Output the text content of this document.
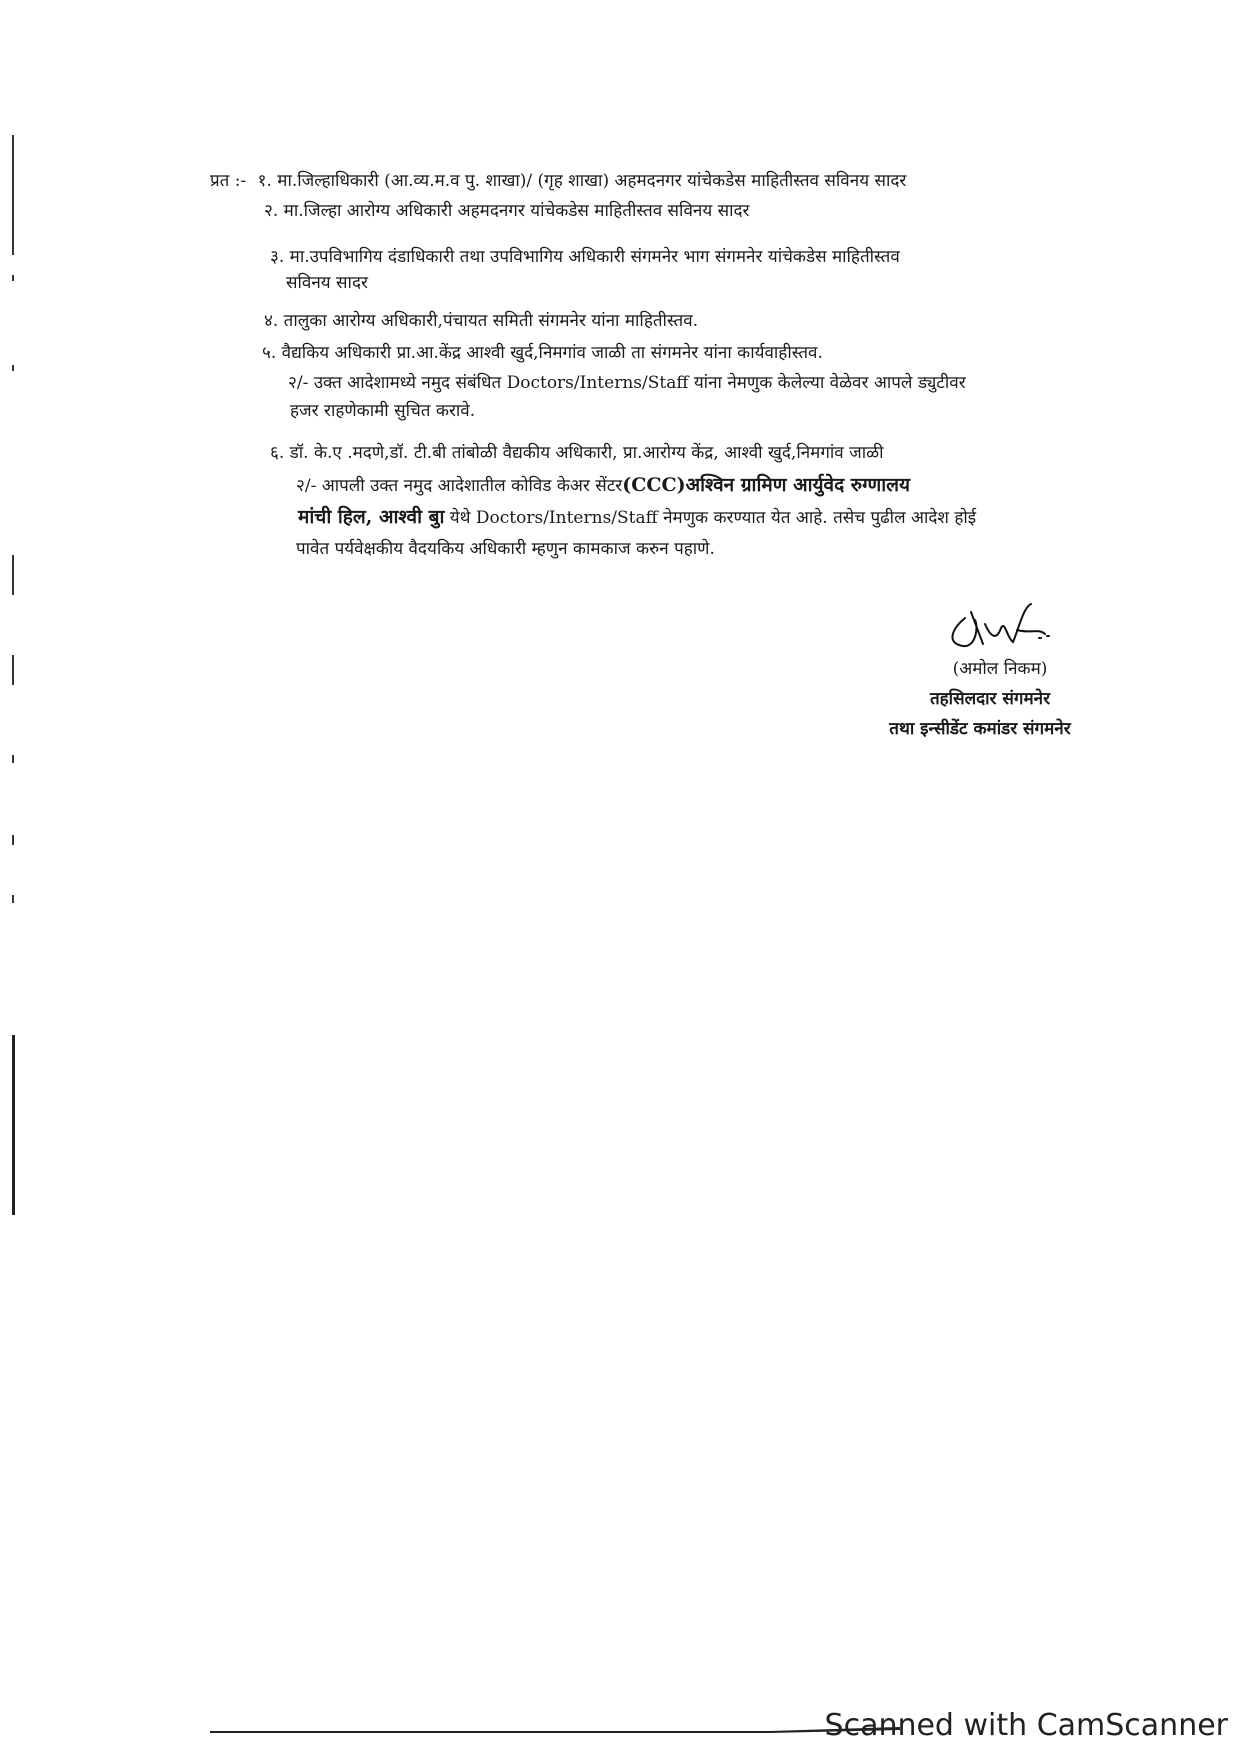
प्रत :- १. मा.जिल्हाधिकारी (आ.व्य.म.व पु. शाखा)/ (गृह शाखा) अहमदनगर यांचेकडेस माहितीस्तव सविनय सादर
२. मा.जिल्हा आरोग्य अधिकारी अहमदनगर यांचेकडेस माहितीस्तव सविनय सादर
३. मा.उपविभागिय दंडाधिकारी तथा उपविभागिय अधिकारी संगमनेर भाग संगमनेर यांचेकडेस माहितीस्तव
सविनय सादर
४. तालुका आरोग्य अधिकारी,पंचायत समिती संगमनेर यांना माहितीस्तव.
५. वैद्यकिय अधिकारी प्रा.आ.केंद्र आश्वी खुर्द,निमगांव जाळी ता संगमनेर यांना कार्यवाहीस्तव.
२/- उक्त आदेशामध्ये नमुद संबंधित Doctors/Interns/Staff यांना नेमणुक केलेल्या वेळेवर आपले ड्युटीवर
हजर राहणेकामी सुचित करावे.
६. डॉ. के.ए .मदणे,डॉ. टी.बी तांबोळी वैद्यकीय अधिकारी, प्रा.आरोग्य केंद्र, आश्वी खुर्द,निमगांव जाळी
२/- आपली उक्त नमुद आदेशातील कोविड केअर सेंटर(CCC)अश्विन ग्रामिण आर्युवेद रुग्णालय
मांची हिल, आश्वी बुा येथे Doctors/Interns/Staff नेमणुक करण्यात येत आहे. तसेच पुढील आदेश होई
पावेत पर्यवेक्षकीय वैदयकिय अधिकारी म्हणुन कामकाज करुन पहाणे.
(अमोल निकम)
तहसिलदार संगमनेर
तथा इन्सीडेंट कमांडर संगमनेर
Scanned with CamScanner
